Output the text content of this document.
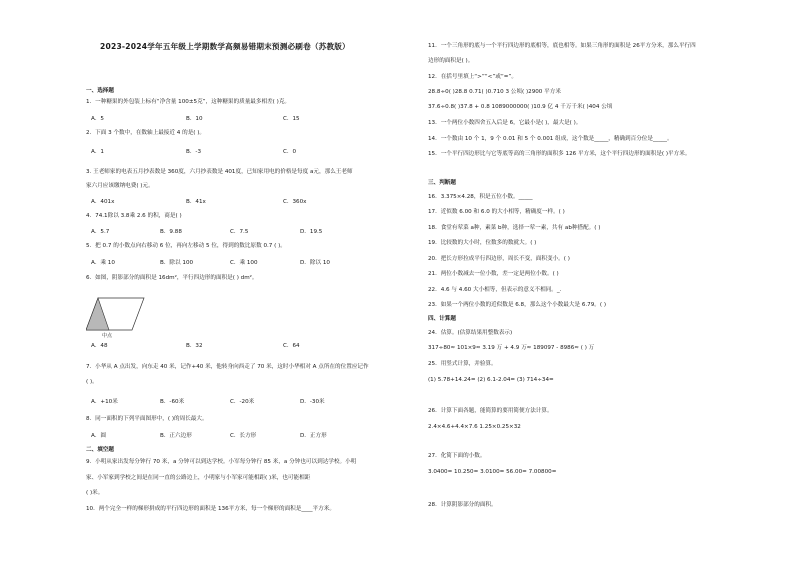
2023-2024学年五年级上学期数学高频易错期末预测必刷卷（苏教版）
一、选择题
1．一种糖果的外包装上标有“净含量 100±5克”，这种糖果的质量最多相差( )克。
A．5	B．10	C．15
2．下面 3 个数中，在数轴上最接近 4 的是( )。
A．1	B．-3	C．0
3. 王老师家的电表五月抄表数是 360度，六月抄表数是 401度，已知家用电的价格是每度 a元，那么王老师
家六月应该缴纳电费( )元。
A．401x	B．41x	C．360x
4．74.1除以 3.8乘 2.6 的积，商是( )
A．5.7	B．9.88	C．7.5	D．19.5
5．把 0.7 的小数点向右移动 6 位，再向左移动 5 位，得到的数比原数 0.7 ( )。
A．乘 10	B．除以 100	C．乘 100	D．除以 10
6．如图，阴影部分的面积是 16dm²，平行四边形的面积是( ) dm²。
中点
A．48	B．32	C．64
7．小华从 A 点出发，向东走 40 米，记作+40 米，他转身向西走了 70 米，这时小华相对 A 点所在的位置应记作
( )。
A．+10米	B．-60米	C．-20米	D．-30米
8．同一面积的下列平面图形中，( )的周长最大。
A．圆	B．正六边形	C．长方形	D．正方形
二、填空题
9．小明从家出发每分钟行 70 米，a 分钟可以到达学校。小军每分钟行 85 米，a 分钟也可以到达学校。小明
家、小军家到学校之间是在同一直的公路边上，小明家与小军家可能相距( )米，也可能相距
( )米。
10．两个完全一样的梯形拼成的平行四边形的面积是 136平方米，每一个梯形的面积是____平方米。
11．一个三角形的底与一个平行四边形的底相等，底也相等。如果三角形的面积是 26平方分米，那么平行四
边形的面积是( )。
12．在括号里填上“>”“<”或“=”。
28.8÷0( )28.8 0.71( )0.710 3 公顷( )2900 平方米
37.6÷0.8( )37.8 + 0.8 1089000000( )10.9 亿 4 千万千米( )404 公顷
13．一个两位小数四舍五入后是 6，它最小是( )，最大是( )。
14．一个数由 10 个 1，9 个 0.01 和 5 个 0.001 组成，这个数是_____，精确到百分位是_____。
15．一个平行四边形比与它等底等高的三角形的面积多 126 平方米，这个平行四边形的面积是( )平方米。
三、判断题
16．3.375×4.28，积是五位小数。_____
17．近似数 6.00 和 6.0 的大小相等，精确度一样。( )
18．食堂有荤菜 a种，素菜 b种，选择一荤一素，共有 ab种搭配。( )
19．比较数的大小时，位数多的数就大。( )
20．把长方形拉成平行四边形，周长不变，面积变小。( )
21．两位小数减去一位小数，差一定是两位小数。( )
22．4.6 与 4.60 大小相等，但表示的意义不相同。_.
23．如果一个两位小数的近似数是 6.8，那么这个小数最大是 6.79。( )
四、计算题
24．估算。(估算结果用整数表示)
317÷80≈ 101×9≈ 3.19 万 + 4.9 万≈ 189097 - 8986≈ ( ) 万
25．用竖式计算，并验算。
(1) 5.78+14.24= (2) 6.1-2.04= (3) 714÷34=
26．计算下面各题，能简算的要用简便方法计算。
2.4×4.6+4.4×7.6 1.25×0.25×32
27．化简下面的小数。
3.0400= 10.250= 3.0100= 56.00= 7.00800=
28．计算阴影部分的面积。
